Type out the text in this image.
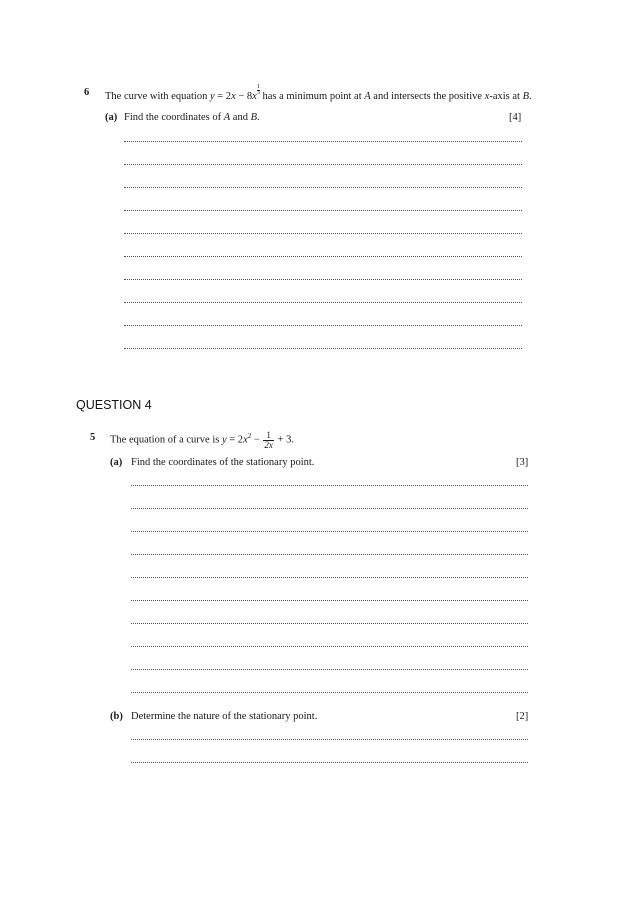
6 The curve with equation y = 2x − 8x
$\frac{1}{3}$
has a minimum point at A and intersects the positive x-axis at B.
(a) Find the coordinates of A and B.	[4]
QUESTION 4
5 The equation of a curve is $y = 2x^2 - \frac{1}{2x} + 3$.
(a) Find the coordinates of the stationary point.	[3]
(b) Determine the nature of the stationary point.	[2]
